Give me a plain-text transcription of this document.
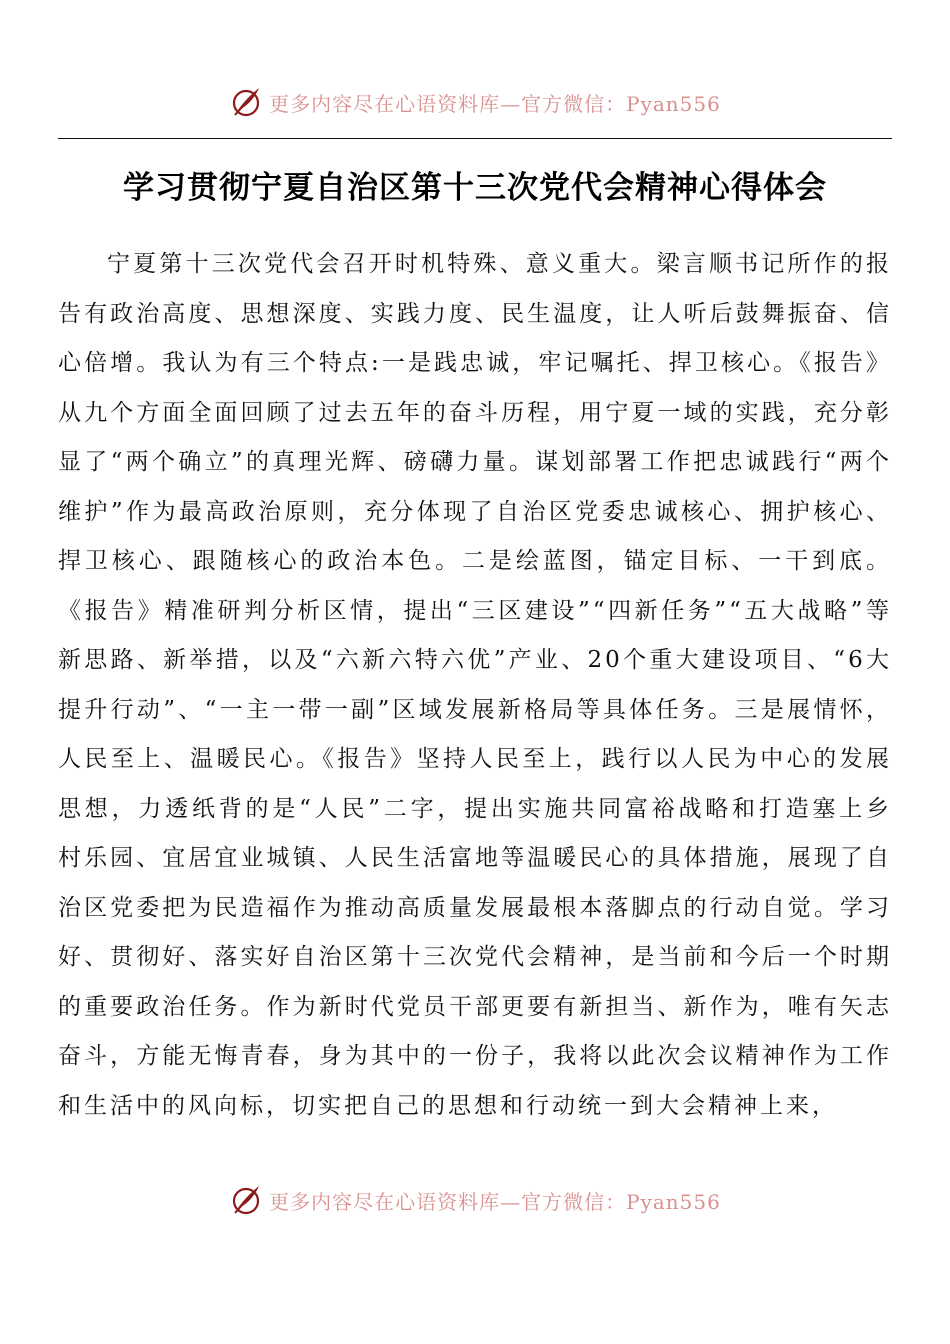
更多内容尽在心语资料库—官方微信：Pyan556
学习贯彻宁夏自治区第十三次党代会精神心得体会

宁夏第十三次党代会召开时机特殊、意义重大。梁言顺书记所作的报告有政治高度、思想深度、实践力度、民生温度，让人听后鼓舞振奋、信心倍增。我认为有三个特点:一是践忠诚，牢记嘱托、捍卫核心。《报告》从九个方面全面回顾了过去五年的奋斗历程，用宁夏一域的实践，充分彰显了“两个确立”的真理光辉、磅礴力量。谋划部署工作把忠诚践行“两个维护”作为最高政治原则，充分体现了自治区党委忠诚核心、拥护核心、捍卫核心、跟随核心的政治本色。二是绘蓝图，锚定目标、一干到底。《报告》精准研判分析区情，提出“三区建设”“四新任务”“五大战略”等新思路、新举措，以及“六新六特六优”产业、20个重大建设项目、“6大提升行动”、“一主一带一副”区域发展新格局等具体任务。三是展情怀，人民至上、温暖民心。《报告》坚持人民至上，践行以人民为中心的发展思想，力透纸背的是“人民”二字，提出实施共同富裕战略和打造塞上乡村乐园、宜居宜业城镇、人民生活富地等温暖民心的具体措施，展现了自治区党委把为民造福作为推动高质量发展最根本落脚点的行动自觉。学习好、贯彻好、落实好自治区第十三次党代会精神，是当前和今后一个时期的重要政治任务。作为新时代党员干部更要有新担当、新作为，唯有矢志奋斗，方能无悔青春，身为其中的一份子，我将以此次会议精神作为工作和生活中的风向标，切实把自己的思想和行动统一到大会精神上来，

更多内容尽在心语资料库—官方微信：Pyan556
